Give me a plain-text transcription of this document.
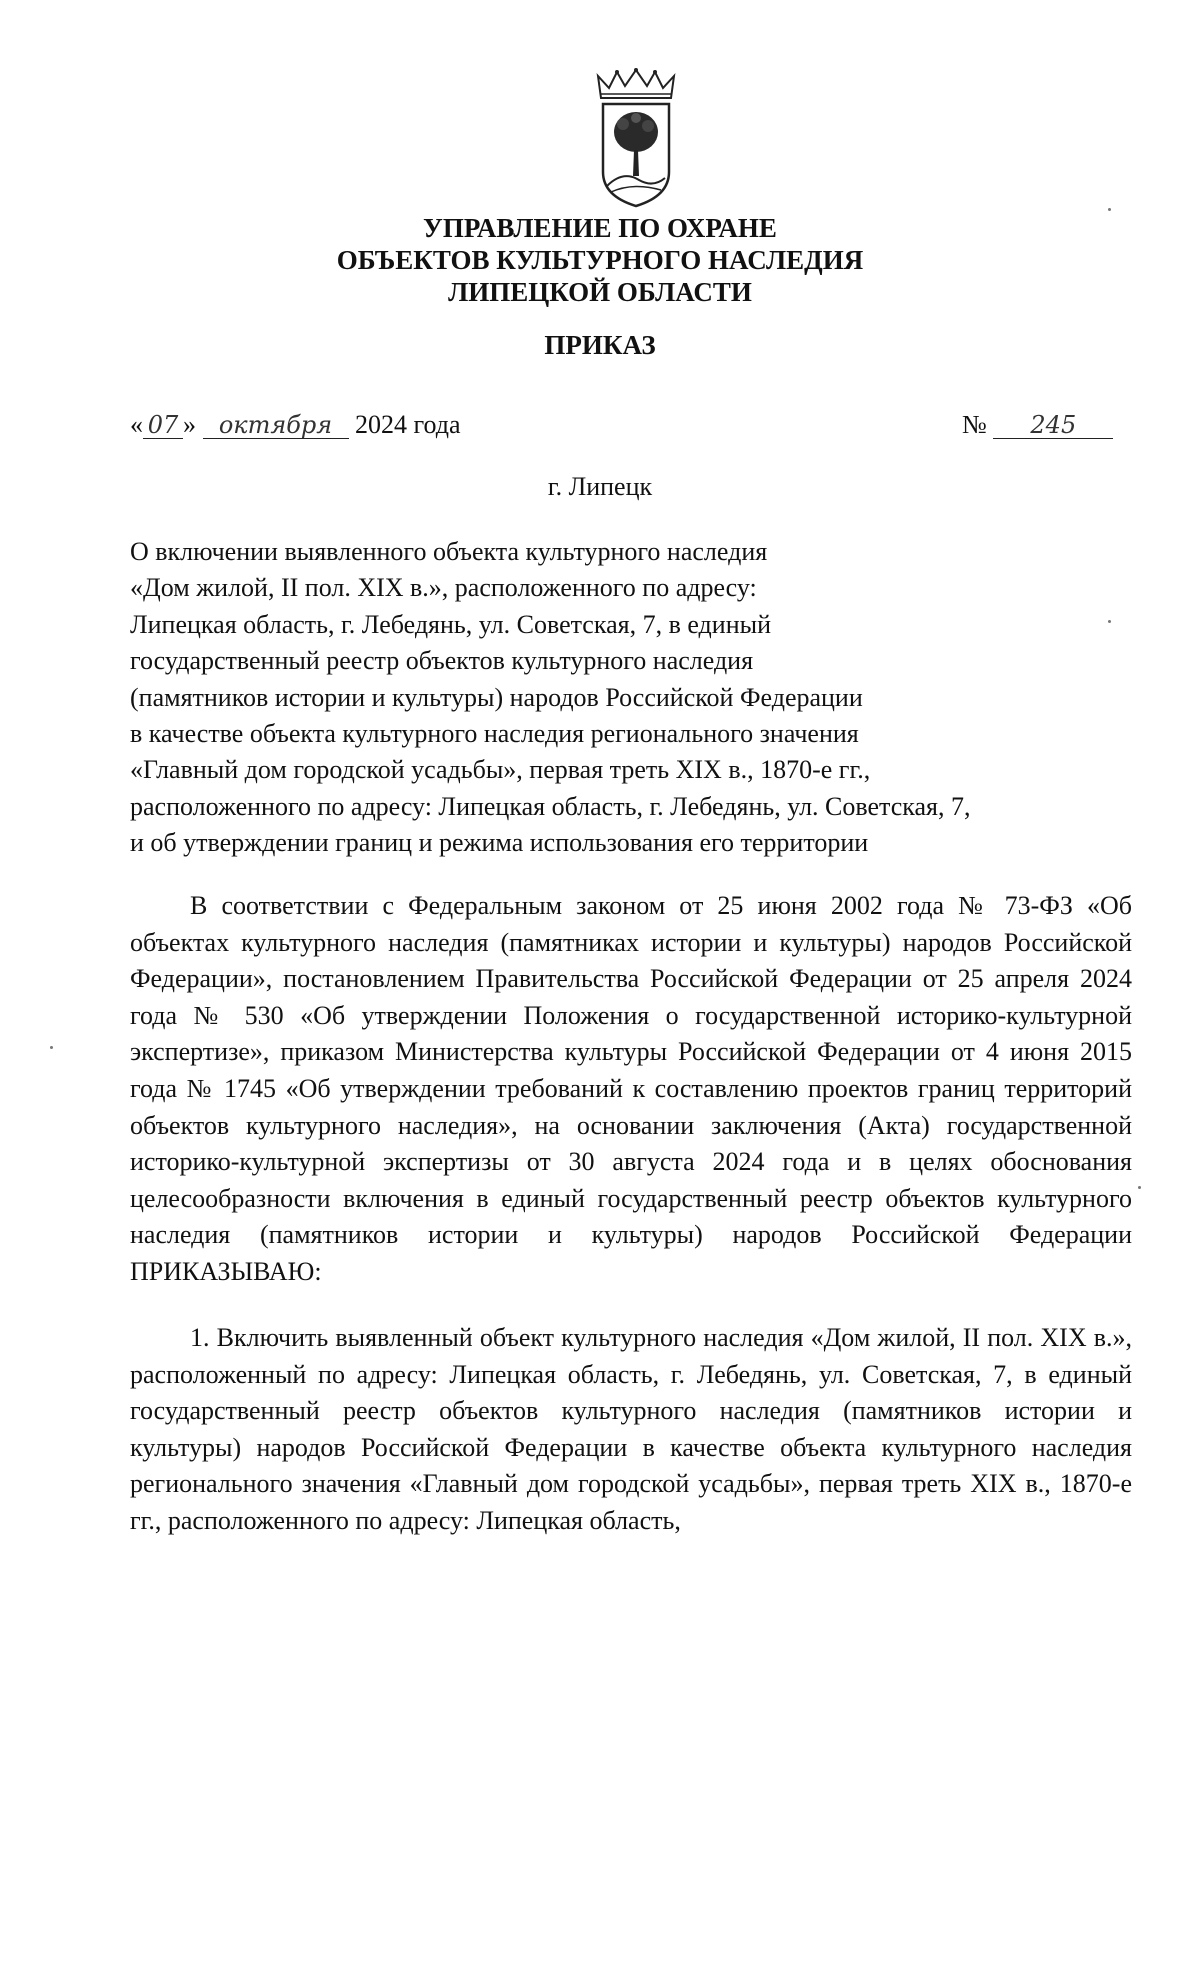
УПРАВЛЕНИЕ ПО ОХРАНЕ
ОБЪЕКТОВ КУЛЬТУРНОГО НАСЛЕДИЯ
ЛИПЕЦКОЙ ОБЛАСТИ
ПРИКАЗ
« 07 » октября 2024 года	№ 245
г. Липецк
О включении выявленного объекта культурного наследия
«Дом жилой, II пол. XIX в.», расположенного по адресу:
Липецкая область, г. Лебедянь, ул. Советская, 7, в единый
государственный реестр объектов культурного наследия
(памятников истории и культуры) народов Российской Федерации
в качестве объекта культурного наследия регионального значения
«Главный дом городской усадьбы», первая треть XIX в., 1870-е гг.,
расположенного по адресу: Липецкая область, г. Лебедянь, ул. Советская, 7,
и об утверждении границ и режима использования его территории
В соответствии с Федеральным законом от 25 июня 2002 года № 73-ФЗ «Об объектах культурного наследия (памятниках истории и культуры) народов Российской Федерации», постановлением Правительства Российской Федерации от 25 апреля 2024 года № 530 «Об утверждении Положения о государственной историко-культурной экспертизе», приказом Министерства культуры Российской Федерации от 4 июня 2015 года № 1745 «Об утверждении требований к составлению проектов границ территорий объектов культурного наследия», на основании заключения (Акта) государственной историко-культурной экспертизы от 30 августа 2024 года и в целях обоснования целесообразности включения в единый государственный реестр объектов культурного наследия (памятников истории и культуры) народов Российской Федерации ПРИКАЗЫВАЮ:
1. Включить выявленный объект культурного наследия «Дом жилой, II пол. XIX в.», расположенный по адресу: Липецкая область, г. Лебедянь, ул. Советская, 7, в единый государственный реестр объектов культурного наследия (памятников истории и культуры) народов Российской Федерации в качестве объекта культурного наследия регионального значения «Главный дом городской усадьбы», первая треть XIX в., 1870-е гг., расположенного по адресу: Липецкая область,
